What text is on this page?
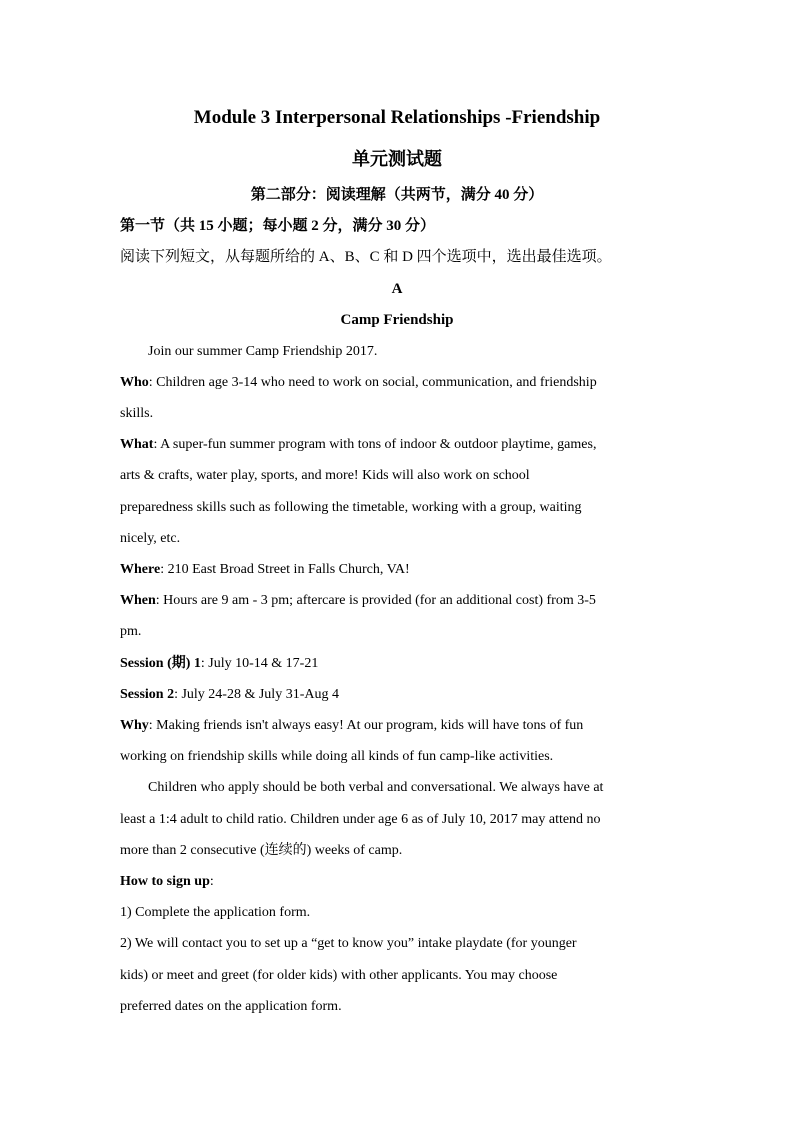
Module 3 Interpersonal Relationships -Friendship
单元测试题
第二部分：阅读理解（共两节，满分 40 分）
第一节（共 15 小题；每小题 2 分，满分 30 分）
阅读下列短文，从每题所给的 A、B、C 和 D 四个选项中，选出最佳选项。
A
Camp Friendship
Join our summer Camp Friendship 2017.
Who: Children age 3-14 who need to work on social, communication, and friendship
skills.
What: A super-fun summer program with tons of indoor & outdoor playtime, games,
arts & crafts, water play, sports, and more! Kids will also work on school
preparedness skills such as following the timetable, working with a group, waiting
nicely, etc.
Where: 210 East Broad Street in Falls Church, VA!
When: Hours are 9 am - 3 pm; aftercare is provided (for an additional cost) from 3-5
pm.
Session (期) 1: July 10-14 & 17-21
Session 2: July 24-28 & July 31-Aug 4
Why: Making friends isn't always easy! At our program, kids will have tons of fun
working on friendship skills while doing all kinds of fun camp-like activities.
Children who apply should be both verbal and conversational. We always have at
least a 1:4 adult to child ratio. Children under age 6 as of July 10, 2017 may attend no
more than 2 consecutive (连续的) weeks of camp.
How to sign up:
1) Complete the application form.
2) We will contact you to set up a “get to know you” intake playdate (for younger
kids) or meet and greet (for older kids) with other applicants. You may choose
preferred dates on the application form.
